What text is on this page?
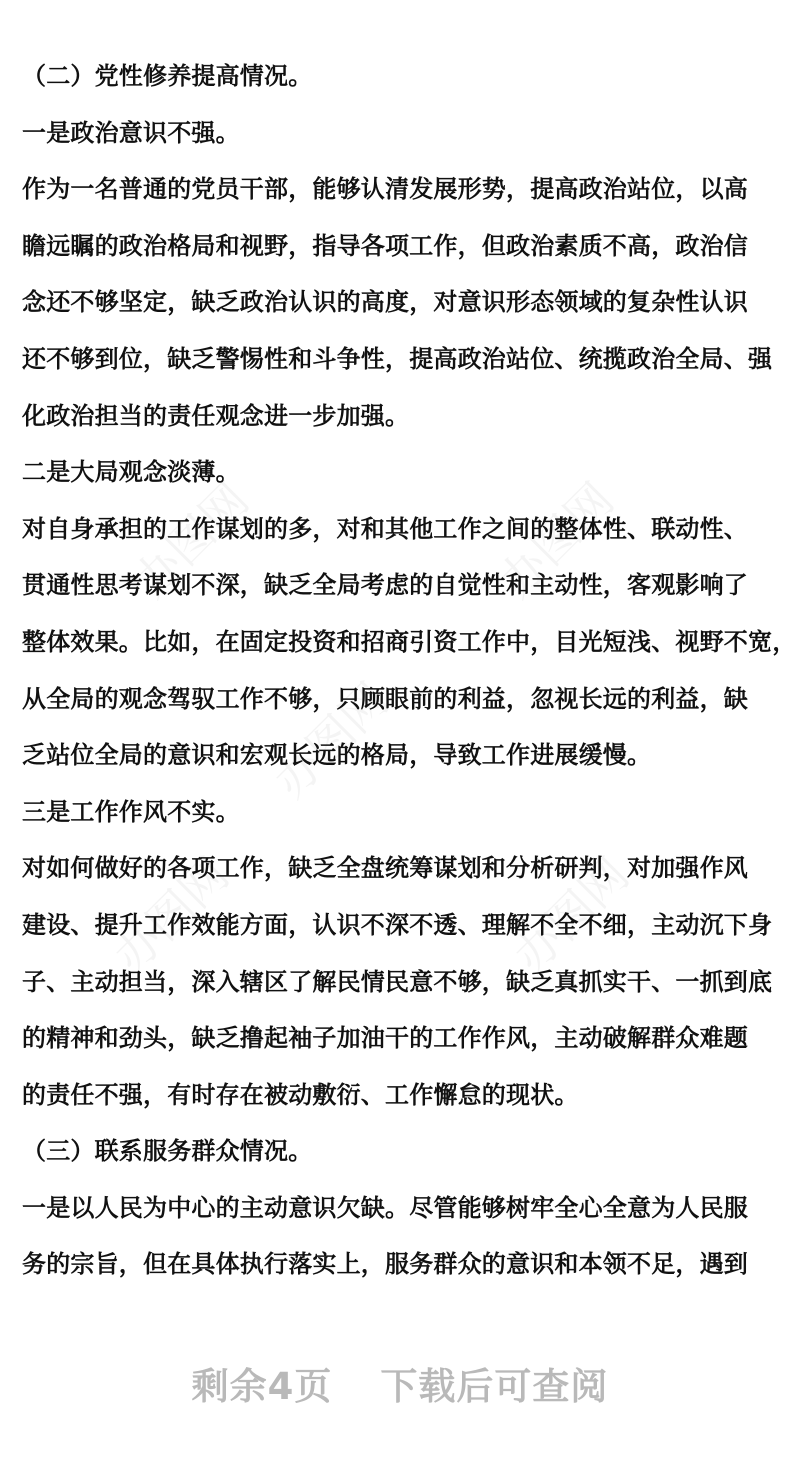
办图网	办图网
办图网
办图网	办图网
（二）党性修养提高情况。
一是政治意识不强。
作为一名普通的党员干部，能够认清发展形势，提高政治站位，以高
瞻远瞩的政治格局和视野，指导各项工作，但政治素质不高，政治信
念还不够坚定，缺乏政治认识的高度，对意识形态领域的复杂性认识
还不够到位，缺乏警惕性和斗争性，提高政治站位、统揽政治全局、强
化政治担当的责任观念进一步加强。
二是大局观念淡薄。
对自身承担的工作谋划的多，对和其他工作之间的整体性、联动性、
贯通性思考谋划不深，缺乏全局考虑的自觉性和主动性，客观影响了
整体效果。比如，在固定投资和招商引资工作中，目光短浅、视野不宽，
从全局的观念驾驭工作不够，只顾眼前的利益，忽视长远的利益，缺
乏站位全局的意识和宏观长远的格局，导致工作进展缓慢。
三是工作作风不实。
对如何做好的各项工作，缺乏全盘统筹谋划和分析研判，对加强作风
建设、提升工作效能方面，认识不深不透、理解不全不细，主动沉下身
子、主动担当，深入辖区了解民情民意不够，缺乏真抓实干、一抓到底
的精神和劲头，缺乏撸起袖子加油干的工作作风，主动破解群众难题
的责任不强，有时存在被动敷衍、工作懈怠的现状。
（三）联系服务群众情况。
一是以人民为中心的主动意识欠缺。尽管能够树牢全心全意为人民服
务的宗旨，但在具体执行落实上，服务群众的意识和本领不足，遇到
剩余4页 下载后可查阅
